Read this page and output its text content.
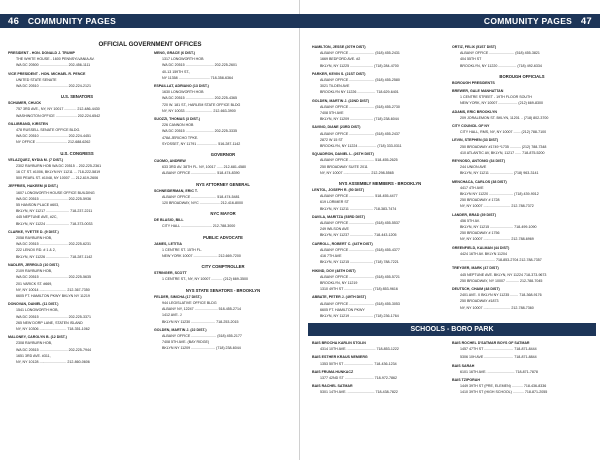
46 COMMUNITY PAGES
OFFICIAL GOVERNMENT OFFICES
PRESIDENT - HON. DONALD J. TRUMP
THE WHITE HOUSE - 1600 PENNSYLVANIA AV.
WA DC 20500 ............................ 202-456-1111
VICE PRESIDENT - HON. MICHAEL R. PENCE
UNITED STATE SENATE
WA DC 20510 ............................ 202-224-2121
U.S. SENATORS
SCHUMER, CHUCK
757 3RD AVE., NY, NY 10017 ............ 212-486-4430
WASHINGTON OFFICE ..................... 202-224-6542
GILLIBRAND, KIRSTEN
478 RUSSELL SENATE OFFICE BLDG.
WA DC 20510 ............................ 202-224-4451
NY OFFICE ............................... 212-688-6262
U.S. CONGRESS
VELAZQUEZ, NYDIA M. (7 DIST.)
2302 RAYBURN HOB WA DC 20515 .. 202-225-2361
16 CT ST. #1006, BKLYN NY 11211 ... 718-222-5819
500 PEARL ST. #1048, NY 10007 .... 212-619-2606
JEFFRIES, HAKEEM (8 DIST.)
1607 LONGWORTH HOUSE OFFICE BUILDING
WA DC 20515 ............................ 202-225-5936
55 HANSON PLACE #603,
BKLYN, NY 11217 ....................... 718-237-2211
445 NEPTUNE AVE, #2C,
BKLYN, NY 11224 ....................... 718-373-0033
CLARKE, YVETTE D. (9 DIST.)
2058 RAYBURN HOB,
WA DC 20515 ............................ 202-225-6231
222 LENOX RD. # 1 & 2,
BKLYN, NY 11226 ....................... 718-287-1142
NADLER, JERROLD (10 DIST.)
2109 RAYBURN HOB,
WA DC 20515 ............................ 202-225-5635
201 VARICK ST. #669,
NY, NY 10014 ........................... 212-367-7350
6605 FT. HAMILTON PKWY BKLYN NY 11219
DONOVAN, DANIEL (11 DIST.)
1541 LONGWORTH HOB,
WA DC 20515 ............................ 202-225-3371
265 NEW DORP LANE, STATEN ISLAND
NY, NY 10306 ........................... 718-351-1062
MALONEY, CAROLYN B. (12 DIST.)
2308 RAYBURN HOB,
WA DC 20515 ............................ 202-225-7944
1651 3RD AVE. #311,
NY, NY 10128 ........................... 212-860-0606
MENG, GRACE (6 DIST.)
1317 LONGWORTH HOB
WA DC 20515 ............................ 202-225-2601
40-13 159TH ST.,
NY 11358 ............................... 718-358-6364
ESPAILLAT, ADRIANO (13 DIST.)
1630 LONGWORTH HOB
WA DC 20515 ............................ 202-225-4365
720 W. 181 ST., HARLEM STATE OFFICE BLDG
NY, NY 10033 ........................... 212-663-3900
SUOZZI, THOMAS (3 DIST.)
226 CANNON HOB
WA DC 20515 ............................ 202-225-3335
478A JERICHO TPKE.
SYOSSET, NY 11791 .................... 516-287-1142
GOVERNOR
CUOMO, ANDREW
633 3RD AV. 38TH FL. NY, 10017 ...... 212-681-4580
ALBANY OFFICE ......................... 518-474-8390
NYS ATTORNEY GENERAL
SCHNEIDERMAN, ERIC T.
ALBANY OFFICE ......................... 518-474-5481
120 BROADWAY, NYC .................... 212-416-8000
NYC MAYOR
DE BLASIO, BILL
CITY HALL ............................... 212-788-3000
PUBLIC ADVOCATE
JAMES, LETITIA
1 CENTRE ST. 15TH FL.
NEW YORK 10007 ........................ 212-669-7200
CITY COMPTROLLER
STRINGER, SCOTT
1 CENTRE ST., NY, NY 10007 ........... (212) 669-3500
NYS STATE SENATORS - BROOKLYN
FELDER, SIMCHA (17 DIST.)
944 LEGISLATIVE OFFICE BLDG
ALBANY NY, 12247 ....................... 518-455-2714
1412 AVE. J
BKLYN NY 11230 ........................ 718-253-2015
GOLDEN, MARTIN J. (22 DIST.)
ALBANY OFFICE ......................... (518) 455-2177
7408 5TH AVE. (BAY RIDGE)
BKLYN NY 11209 ........................ (718) 238-6044
COMMUNITY PAGES 47
HAMILTON, JESSE (20TH DIST)
ALBANY OFFICE ......................... (518) 455-2431
1669 BEDFORD AVE. #2
BKLYN, NY 11225 ....................... (718) 284-4700
PARKER, KEVIN S. (21ST DIST)
ALBANY OFFICE ......................... (518) 455-2580
3021 TILDEN AVE
BROOKLYN NY 11226 .................. 718-629-6401
GOLDEN, MARTIN J. (22ND DIST)
ALBANY OFFICE ......................... (518) 455-2730
7408 5TH AVE
BKLYN, NY 11209 ....................... (718) 238-6044
SAVINO, DIANE (23RD DIST)
ALBANY OFFICE ......................... (518) 455-2437
2872 W 15 ST
BROOKLYN, NY 11224 .................. (718) 333-0311
SQUADRON, DANIEL L. (26TH DIST)
ALBANY OFFICE ......................... 518-455-2625
250 BROADWAY SUITE 2011
NY, NY 10007 ........................... 212-298-5565
NYS ASSEMBLY MEMBERS - BROOKLYN
LENTOL, JOSEPH R. (50 DIST)
ALBANY OFFICE ......................... 518-455-4477
619 LORIMER ST
BKLYN, NY 11211 ....................... 718-383-7474
DAVILA, MARITZA (53RD DIST)
ALBANY OFFICE ......................... (518) 455-5537
249 WILSON AVE
BKLYN, NY 11237 ....................... 718-443-1205
CARROLL, ROBERT C. (44TH DIST)
ALBANY OFFICE ......................... (518) 455-4377
416 7TH AVE
BKLYN, NY 11215 ....................... (718) 788-7221
HIKIND, DOV (48TH DIST)
ALBANY OFFICE ......................... (518) 455-5721
BROOKLYN, NY 11219
1310 49TH ST ............................ (718) 853-9616
ABBATE, PETER J. (49TH DIST)
ALBANY OFFICE ......................... (518) 455-3053
6605 FT. HAMILTON PKWY
BKLYN, NY 11219 ....................... (718) 236-1764
ORTIZ, FELIX (51ST DIST)
ALBANY OFFICE ......................... (518) 455-3821
404 55TH ST
BROOKLYN, NY 11220 .................. (718) 492-6334
BOROUGH OFFICIALS
BOROUGH PRESIDENTS
BREWER, GALE MANHATTAN
1 CENTRE STREET - 19TH FLOOR SOUTH
NEW YORK, NY 10007 ................... (212) 669-8300
ADAMS, ERIC BROOKLYN
209 JORALEMON ST. BKLYN, 11201 .. (718) 802-3700
CITY COUNCIL OF NY
CITY HALL, RMS, NY, NY 10007 ....... (212) 788-7100
LEVIN, STEPHEN (33 DIST)
250 BROADWAY #1749 *1735 ........... (212) 788-7348
410 ATLANTIC AV, BKLYN, 11217 ...... 718-875-5200
REYNOSO, ANTONIO (34 DIST)
244 UNION AVE
BKLYN, NY 11211 ....................... (718) 963-3141
MENCHACA, CARLOS (38 DIST)
4417 4TH AVE
BKLYN NY 11220 ........................ (718) 439-9012
250 BROADWAY # 1728
NY, NY 10007 ........................... 212-788-7372
LANDER, BRAD (39 DIST)
456 5TH AV.
BKLYN, NY 11215 ....................... 718-499-1090
250 BROADWAY # 1756
NY, NY 10007 ........................... 212-788-6969
GREENFIELD, KALMAN (44 DIST)
4424 16TH AV. BKLYN 11204
................................... 718-853-2704 212-788-7357
TREYGER, MARK (47 DIST)
445 NEPTUNE AVE. BKLYN, NY 11224 718-373-9673
250 BROADWAY, NY 10007 ............. 212-788-7045
DEUTSCH, CHAIM (48 DIST)
2401 AVE. X BKLYN NY 11235 ........ 718-368-9176
250 BROADWAY #1873
NY, NY 10007 ........................... 212-788-7360
SCHOOLS - BORO PARK
BAIS BROCHA KARLIN STOLIN
4314 10TH AVE. ............................ 718-853-1222
BAIS ESTHER KRAUS NEMIERG
1353 50TH ST ............................. 718-436-1234
BAIS FRUMA HUNKACZ
1377 42ND ST ............................. 718-972-7862
BAIS RACHEL SATMAR
5301 14TH AVE. ........................... 718-438-7822
BAIS ROCHEL D'SATMAR BOYS OF SATMAR
1457 47TH ST ............................. 718-871-8444
5306 10H AVE ............................. 718-871-8844
BAIS SARAH
6101 16TH AVE. ........................... 718-871-7878
BAIS TZIPORAH
1449 39TH ST (PRE, ELEMEN) ........... 718-436-8336
1410 39TH ST (HIGH SCHOOL) ........... 718-871-2055
